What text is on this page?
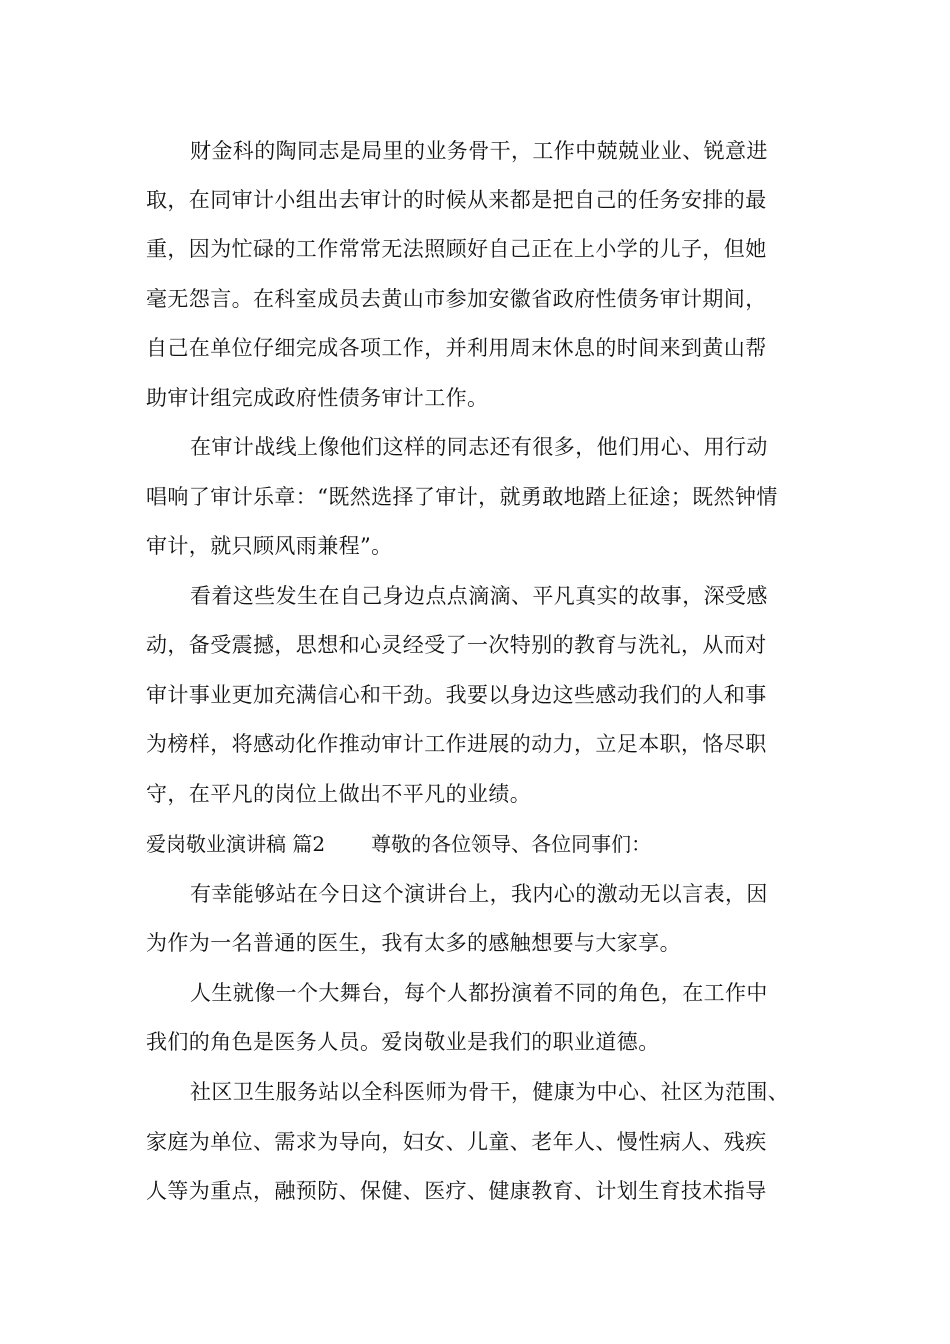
财金科的陶同志是局里的业务骨干，工作中兢兢业业、锐意进
取，在同审计小组出去审计的时候从来都是把自己的任务安排的最
重，因为忙碌的工作常常无法照顾好自己正在上小学的儿子，但她
毫无怨言。在科室成员去黄山市参加安徽省政府性债务审计期间，
自己在单位仔细完成各项工作，并利用周末休息的时间来到黄山帮
助审计组完成政府性债务审计工作。
在审计战线上像他们这样的同志还有很多，他们用心、用行动
唱响了审计乐章：“既然选择了审计，就勇敢地踏上征途；既然钟情
审计，就只顾风雨兼程”。
看着这些发生在自己身边点点滴滴、平凡真实的故事，深受感
动，备受震撼，思想和心灵经受了一次特别的教育与洗礼，从而对
审计事业更加充满信心和干劲。我要以身边这些感动我们的人和事
为榜样，将感动化作推动审计工作进展的动力，立足本职，恪尽职
守，在平凡的岗位上做出不平凡的业绩。
爱岗敬业演讲稿 篇2 尊敬的各位领导、各位同事们：
有幸能够站在今日这个演讲台上，我内心的激动无以言表，因
为作为一名普通的医生，我有太多的感触想要与大家享。
人生就像一个大舞台，每个人都扮演着不同的角色，在工作中
我们的角色是医务人员。爱岗敬业是我们的职业道德。
社区卫生服务站以全科医师为骨干，健康为中心、社区为范围、
家庭为单位、需求为导向，妇女、儿童、老年人、慢性病人、残疾
人等为重点，融预防、保健、医疗、健康教育、计划生育技术指导
